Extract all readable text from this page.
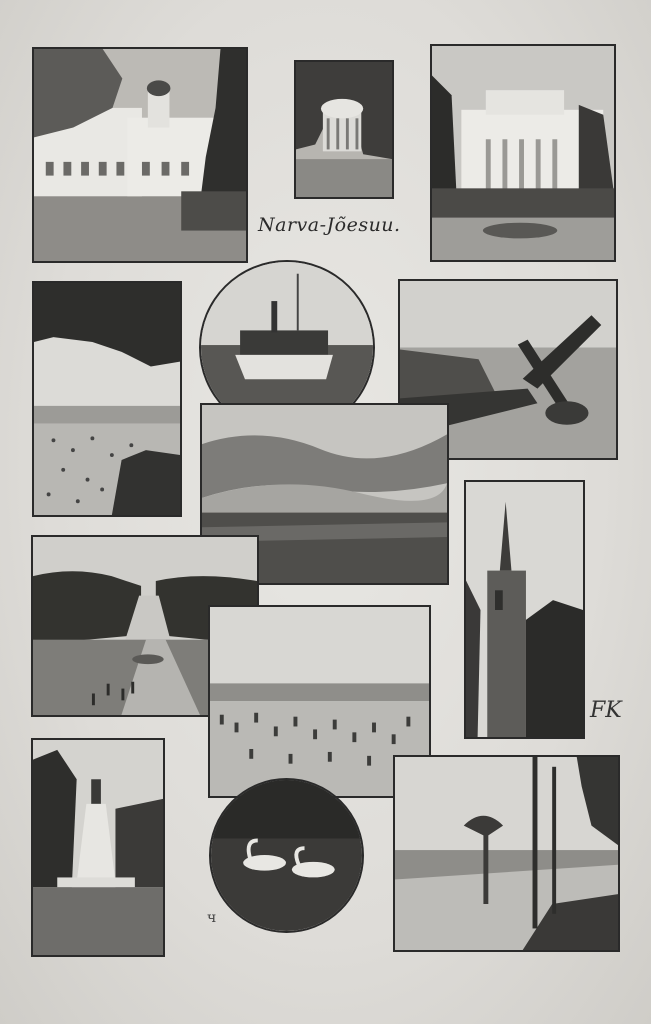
Narva-Jõesuu.
FK
ч
